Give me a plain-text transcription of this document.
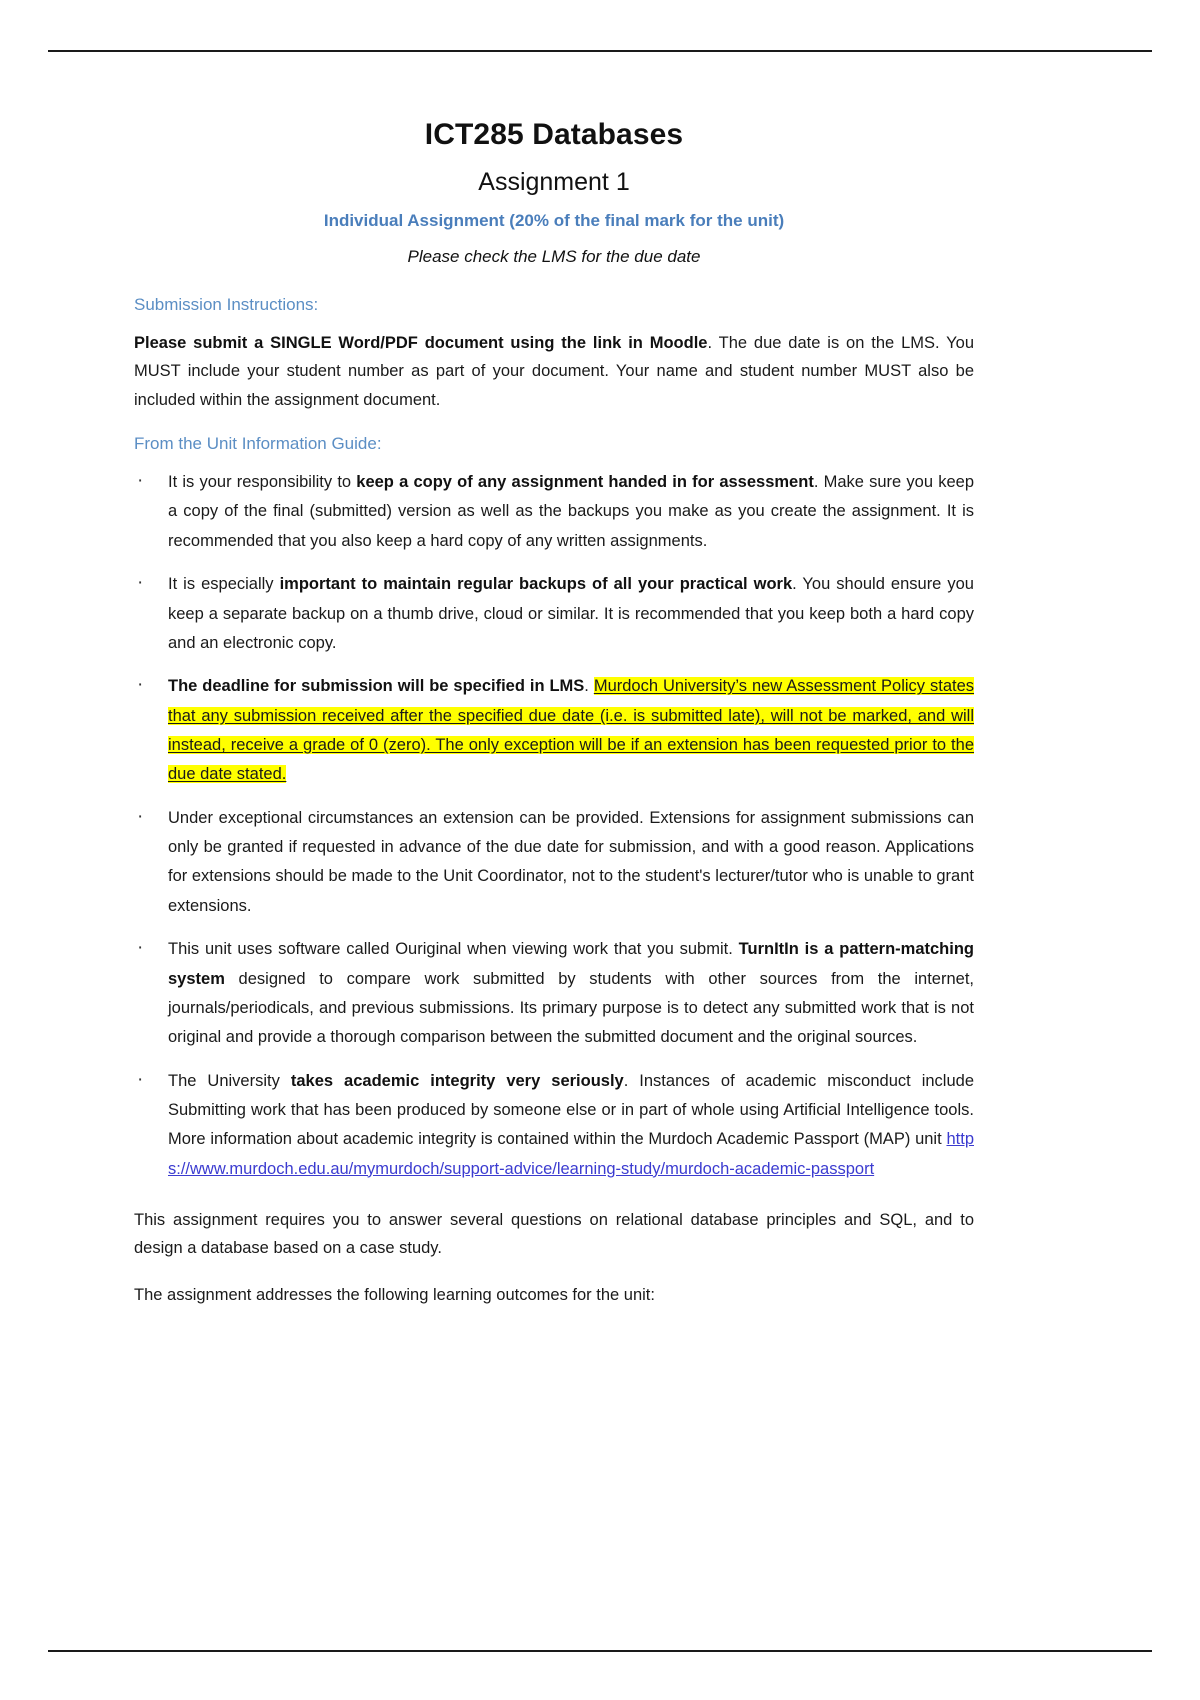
ICT285 Databases
Assignment 1
Individual Assignment (20% of the final mark for the unit)
Please check the LMS for the due date
Submission Instructions:

Please submit a SINGLE Word/PDF document using the link in Moodle. The due date is on the LMS. You MUST include your student number as part of your document. Your name and student number MUST also be included within the assignment document.

From the Unit Information Guide:
· It is your responsibility to keep a copy of any assignment handed in for assessment. Make sure you keep a copy of the final (submitted) version as well as the backups you make as you create the assignment. It is recommended that you also keep a hard copy of any written assignments.
· It is especially important to maintain regular backups of all your practical work. You should ensure you keep a separate backup on a thumb drive, cloud or similar. It is recommended that you keep both a hard copy and an electronic copy.
· The deadline for submission will be specified in LMS. Murdoch University’s new Assessment Policy states that any submission received after the specified due date (i.e. is submitted late), will not be marked, and will instead, receive a grade of 0 (zero). The only exception will be if an extension has been requested prior to the due date stated.
· Under exceptional circumstances an extension can be provided. Extensions for assignment submissions can only be granted if requested in advance of the due date for submission, and with a good reason. Applications for extensions should be made to the Unit Coordinator, not to the student's lecturer/tutor who is unable to grant extensions.
· This unit uses software called Ouriginal when viewing work that you submit. TurnItIn is a pattern-matching system designed to compare work submitted by students with other sources from the internet, journals/periodicals, and previous submissions. Its primary purpose is to detect any submitted work that is not original and provide a thorough comparison between the submitted document and the original sources.
· The University takes academic integrity very seriously. Instances of academic misconduct include Submitting work that has been produced by someone else or in part of whole using Artificial Intelligence tools. More information about academic integrity is contained within the Murdoch Academic Passport (MAP) unit https://www.murdoch.edu.au/mymurdoch/support-advice/learning-study/murdoch-academic-passport

This assignment requires you to answer several questions on relational database principles and SQL, and to design a database based on a case study.

The assignment addresses the following learning outcomes for the unit:
